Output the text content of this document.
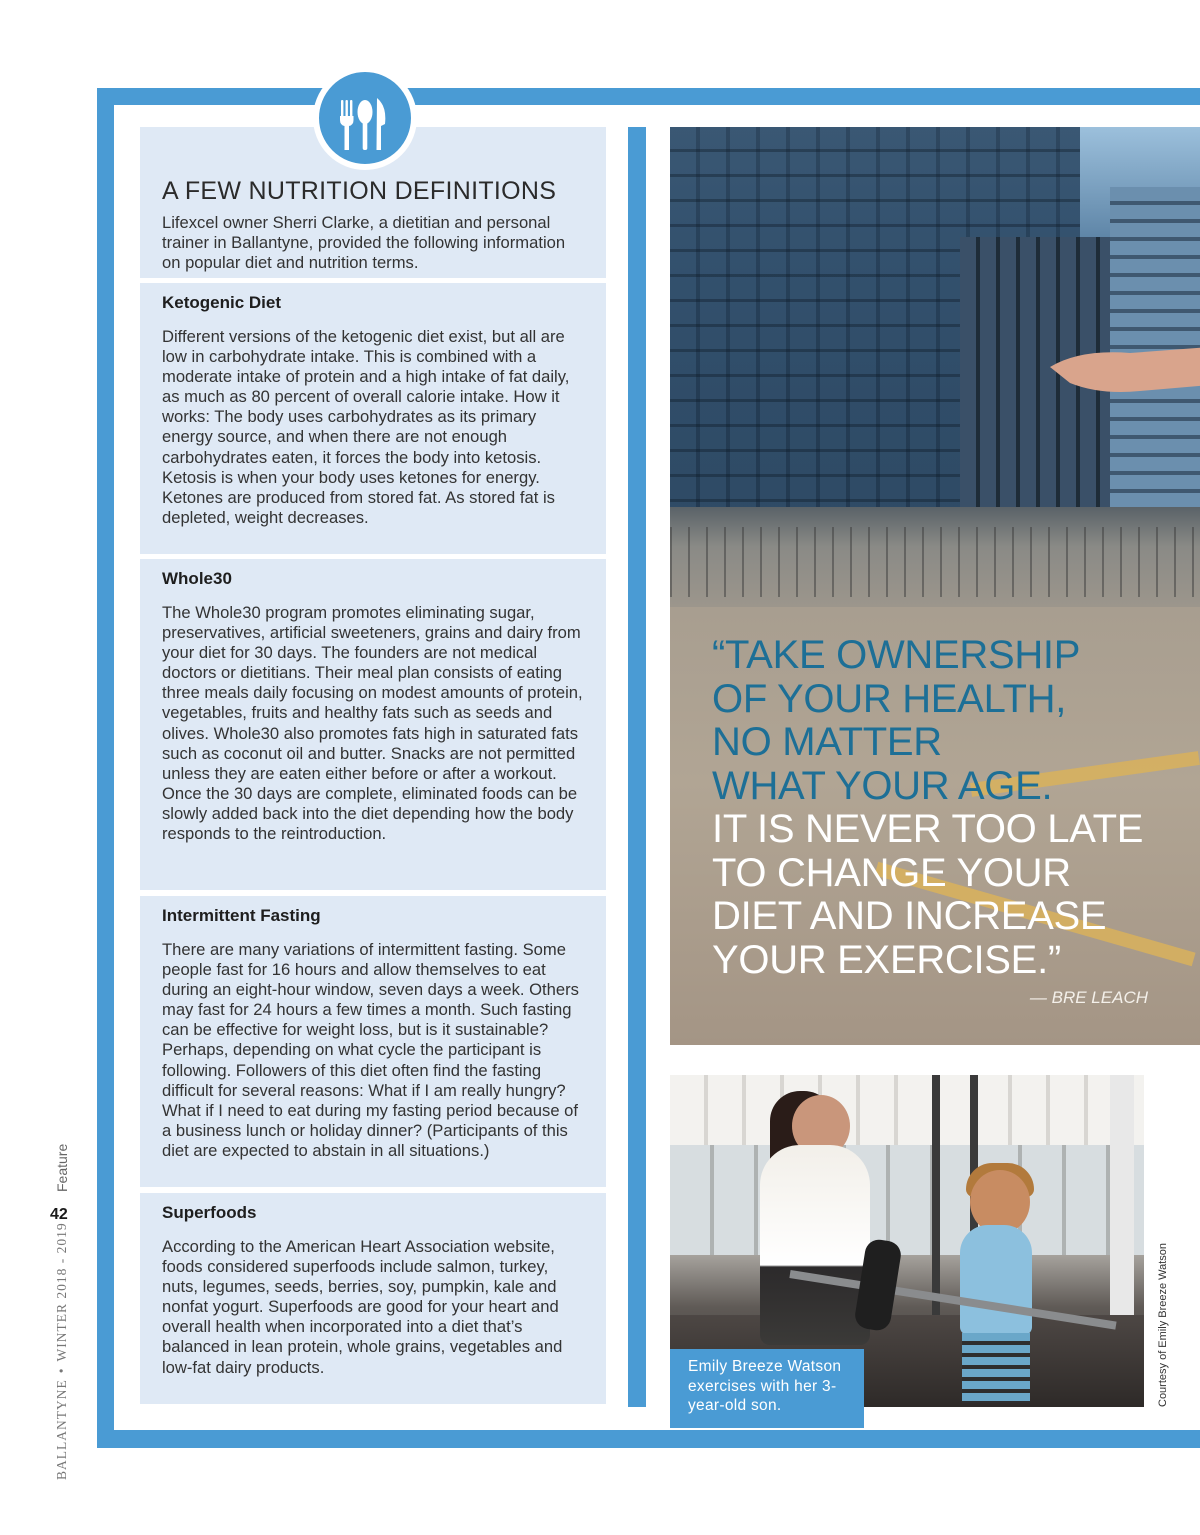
A FEW NUTRITION DEFINITIONS

Lifexcel owner Sherri Clarke, a dietitian and personal trainer in Ballantyne, provided the following information on popular diet and nutrition terms.

Ketogenic Diet

Different versions of the ketogenic diet exist, but all are low in carbohydrate intake. This is combined with a moderate intake of protein and a high intake of fat daily, as much as 80 percent of overall calorie intake. How it works: The body uses carbohydrates as its primary energy source, and when there are not enough carbohydrates eaten, it forces the body into ketosis. Ketosis is when your body uses ketones for energy. Ketones are produced from stored fat. As stored fat is depleted, weight decreases.

Whole30

The Whole30 program promotes eliminating sugar, preservatives, artificial sweeteners, grains and dairy from your diet for 30 days. The founders are not medical doctors or dietitians. Their meal plan consists of eating three meals daily focusing on modest amounts of protein, vegetables, fruits and healthy fats such as seeds and olives. Whole30 also promotes fats high in saturated fats such as coconut oil and butter. Snacks are not permitted unless they are eaten either before or after a workout. Once the 30 days are complete, eliminated foods can be slowly added back into the diet depending how the body responds to the reintroduction.

Intermittent Fasting

There are many variations of intermittent fasting. Some people fast for 16 hours and allow themselves to eat during an eight-hour window, seven days a week. Others may fast for 24 hours a few times a month. Such fasting can be effective for weight loss, but is it sustainable? Perhaps, depending on what cycle the participant is following. Followers of this diet often find the fasting difficult for several reasons: What if I am really hungry? What if I need to eat during my fasting period because of a business lunch or holiday dinner? (Participants of this diet are expected to abstain in all situations.)

Superfoods

According to the American Heart Association website, foods considered superfoods include salmon, turkey, nuts, legumes, seeds, berries, soy, pumpkin, kale and nonfat yogurt. Superfoods are good for your heart and overall health when incorporated into a diet that’s balanced in lean protein, whole grains, vegetables and low-fat dairy products.

“TAKE OWNERSHIP
OF YOUR HEALTH,
NO MATTER
WHAT YOUR AGE.
IT IS NEVER TOO LATE
TO CHANGE YOUR
DIET AND INCREASE
YOUR EXERCISE.”
— BRE LEACH
Emily Breeze Watson exercises with her 3-year-old son.	Courtesy of Emily Breeze Watson
Feature
42
BALLANTYNE•WINTER 2018 - 2019
